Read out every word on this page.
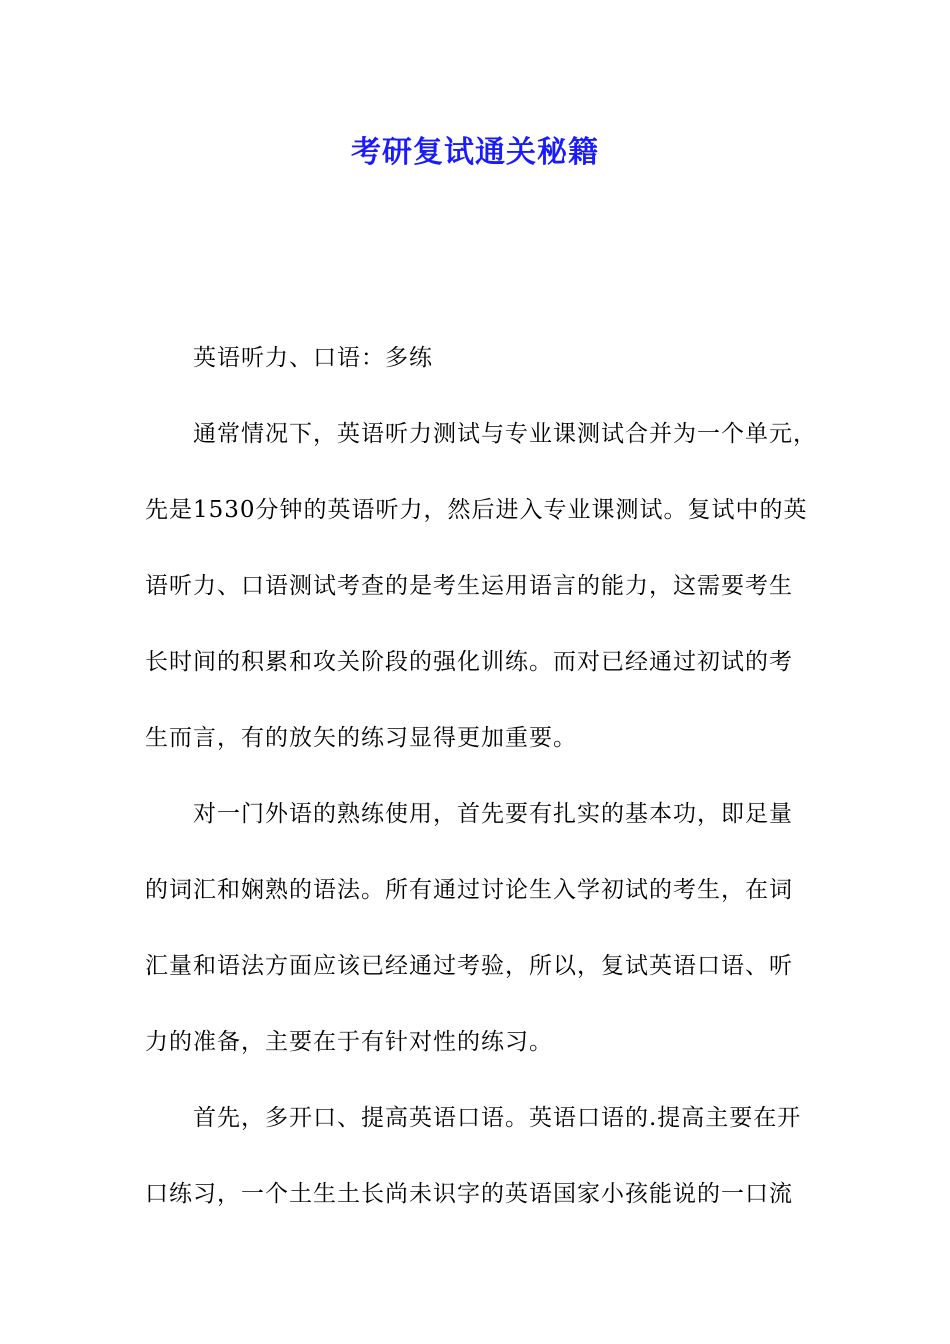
考研复试通关秘籍
英语听力、口语：多练
通常情况下，英语听力测试与专业课测试合并为一个单元，
先是1530分钟的英语听力，然后进入专业课测试。复试中的英
语听力、口语测试考查的是考生运用语言的能力，这需要考生
长时间的积累和攻关阶段的强化训练。而对已经通过初试的考
生而言，有的放矢的练习显得更加重要。
对一门外语的熟练使用，首先要有扎实的基本功，即足量
的词汇和娴熟的语法。所有通过讨论生入学初试的考生，在词
汇量和语法方面应该已经通过考验，所以，复试英语口语、听
力的准备，主要在于有针对性的练习。
首先，多开口、提高英语口语。英语口语的.提高主要在开
口练习，一个土生土长尚未识字的英语国家小孩能说的一口流
